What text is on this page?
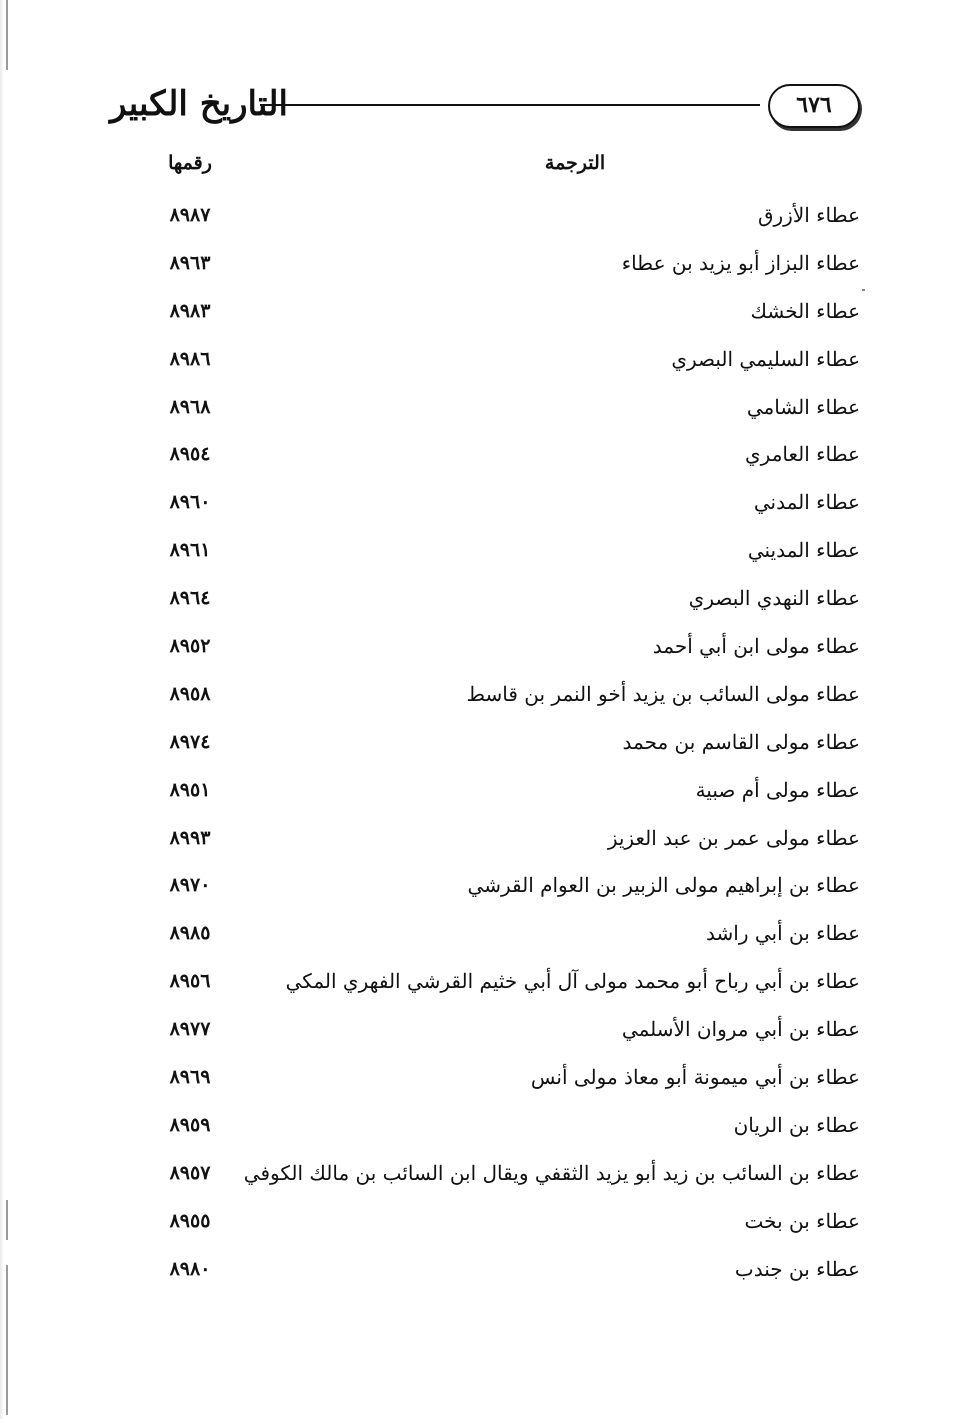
التاريخ الكبير	٦٧٦
الترجمة
رقمها
عطاء الأزرق
٨٩٨٧
عطاء البزاز أبو يزيد بن عطاء
٨٩٦٣
عطاء الخشك
٨٩٨٣
عطاء السليمي البصري
٨٩٨٦
عطاء الشامي
٨٩٦٨
عطاء العامري
٨٩٥٤
عطاء المدني
٨٩٦٠
عطاء المديني
٨٩٦١
عطاء النهدي البصري
٨٩٦٤
عطاء مولى ابن أبي أحمد
٨٩٥٢
عطاء مولى السائب بن يزيد أخو النمر بن قاسط
٨٩٥٨
عطاء مولى القاسم بن محمد
٨٩٧٤
عطاء مولى أم صبية
٨٩٥١
عطاء مولى عمر بن عبد العزيز
٨٩٩٣
عطاء بن إبراهيم مولى الزبير بن العوام القرشي
٨٩٧٠
عطاء بن أبي راشد
٨٩٨٥
عطاء بن أبي رباح أبو محمد مولى آل أبي خثيم القرشي الفهري المكي
٨٩٥٦
عطاء بن أبي مروان الأسلمي
٨٩٧٧
عطاء بن أبي ميمونة أبو معاذ مولى أنس
٨٩٦٩
عطاء بن الريان
٨٩٥٩
عطاء بن السائب بن زيد أبو يزيد الثقفي ويقال ابن السائب بن مالك الكوفي
٨٩٥٧
عطاء بن بخت
٨٩٥٥
عطاء بن جندب
٨٩٨٠
